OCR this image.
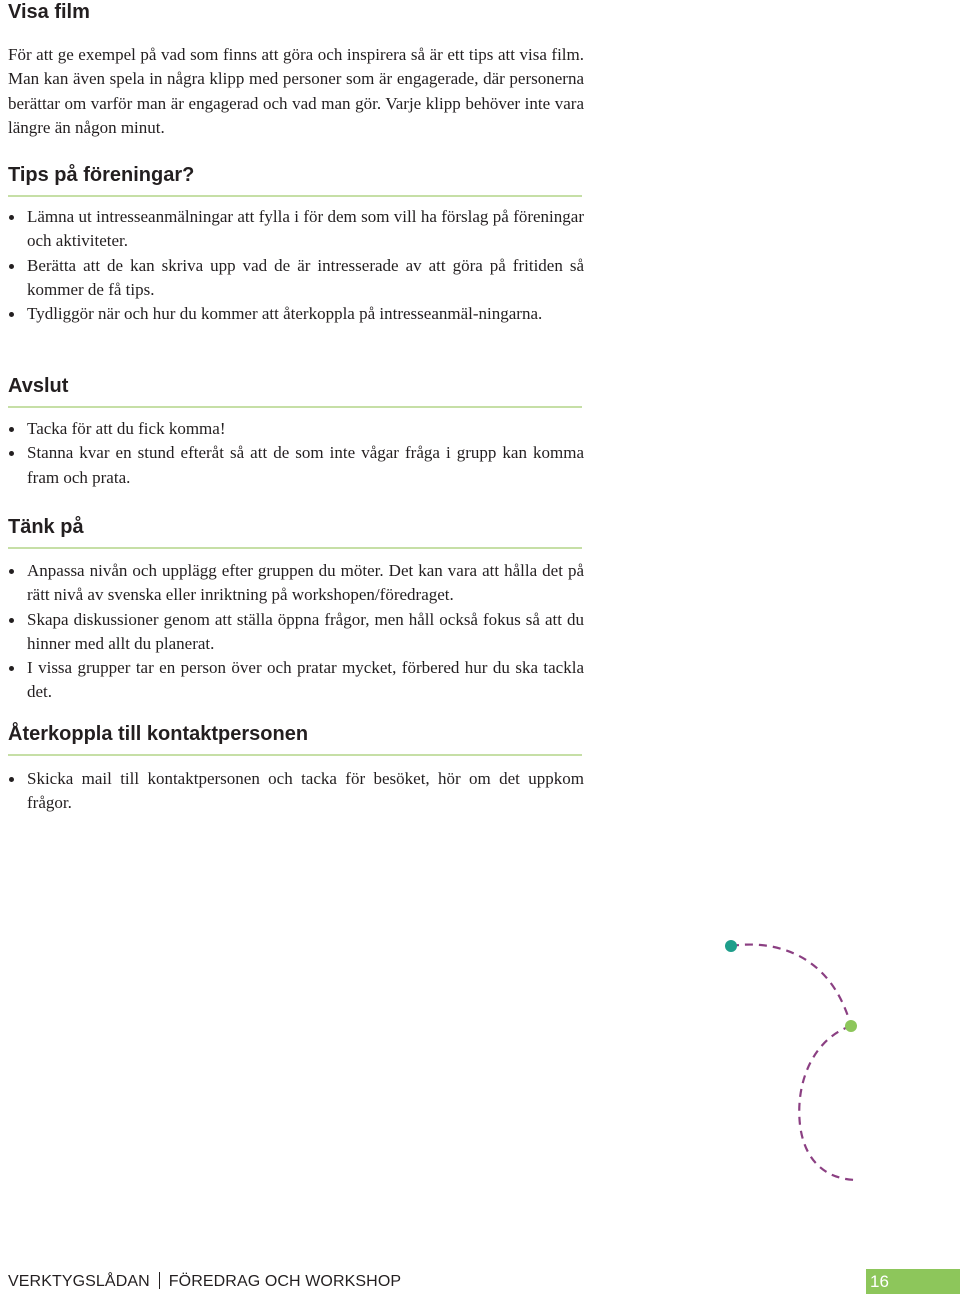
Visa film

För att ge exempel på vad som finns att göra och inspirera så är ett tips att visa film. Man kan även spela in några klipp med personer som är engagerade, där personerna berättar om varför man är engagerad och vad man gör. Varje klipp behöver inte vara längre än någon minut.

Tips på föreningar?
Lämna ut intresseanmälningar att fylla i för dem som vill ha förslag på föreningar och aktiviteter.
Berätta att de kan skriva upp vad de är intresserade av att göra på fritiden så kommer de få tips.
Tydliggör när och hur du kommer att återkoppla på intresseanmäl-ningarna.
Avslut
Tacka för att du fick komma!
Stanna kvar en stund efteråt så att de som inte vågar fråga i grupp kan komma fram och prata.
Tänk på
Anpassa nivån och upplägg efter gruppen du möter. Det kan vara att hålla det på rätt nivå av svenska eller inriktning på workshopen/föredraget.
Skapa diskussioner genom att ställa öppna frågor, men håll också fokus så att du hinner med allt du planerat.
I vissa grupper tar en person över och pratar mycket, förbered hur du ska tackla det.
Återkoppla till kontaktpersonen
Skicka mail till kontaktpersonen och tacka för besöket, hör om det uppkom frågor.
VERKTYGSLÅDAN FÖREDRAG OCH WORKSHOP	16
